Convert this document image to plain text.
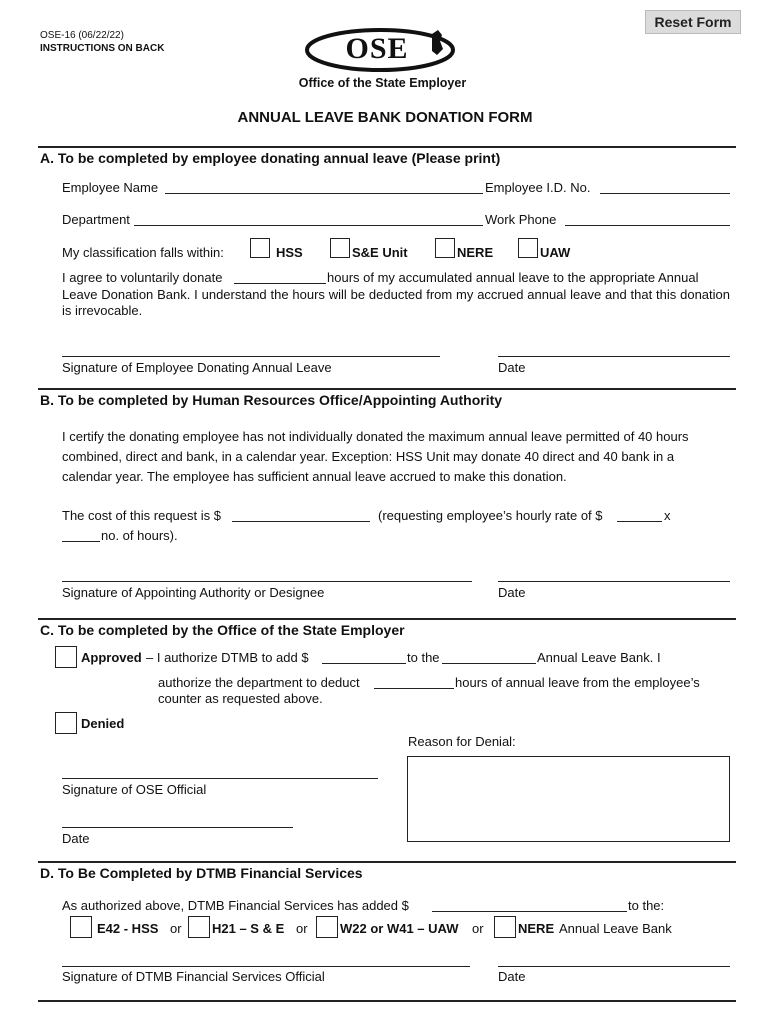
OSE-16 (06/22/22)
INSTRUCTIONS ON BACK
Reset Form
OSE
Office of the State Employer
ANNUAL LEAVE BANK DONATION FORM
A. To be completed by employee donating annual leave (Please print)
Employee Name	Employee I.D. No.
Department	Work Phone
My classification falls within:	HSS	S&E Unit	NERE	UAW
I agree to voluntarily donate	hours of my accumulated annual leave to the appropriate Annual
Leave Donation Bank. I understand the hours will be deducted from my accrued annual leave and that this donation is irrevocable.
Signature of Employee Donating Annual Leave	Date
B. To be completed by Human Resources Office/Appointing Authority
I certify the donating employee has not individually donated the maximum annual leave permitted of 40 hours
combined, direct and bank, in a calendar year. Exception: HSS Unit may donate 40 direct and 40 bank in a
calendar year. The employee has sufficient annual leave accrued to make this donation.
The cost of this request is $	(requesting employee’s hourly rate of $	x
no. of hours).
Signature of Appointing Authority or Designee	Date
C. To be completed by the Office of the State Employer
Approved – I authorize DTMB to add $	to the	Annual Leave Bank. I
authorize the department to deduct	hours of annual leave from the employee’s
counter as requested above.
Denied
Reason for Denial:
Signature of OSE Official
Date
D. To Be Completed by DTMB Financial Services
As authorized above, DTMB Financial Services has added $	to the:
E42 - HSS or H21 – S & E or W22 or W41 – UAW or	NERE Annual Leave Bank
Signature of DTMB Financial Services Official	Date
